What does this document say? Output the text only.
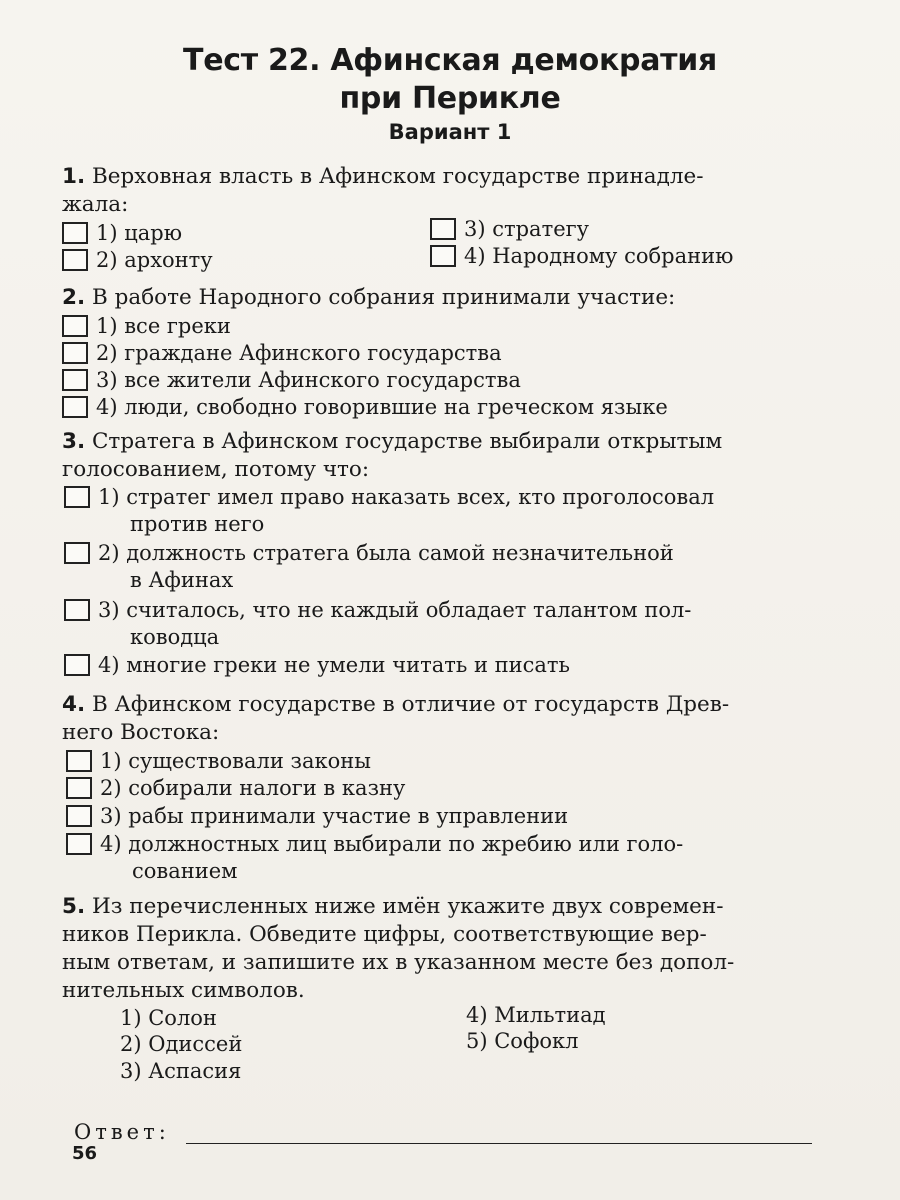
Тест 22. Афинская демократия
при Перикле
Вариант 1
1. Верховная власть в Афинском государстве принадле-
жала:
1) царю
2) архонту
3) стратегу
4) Народному собранию
2. В работе Народного собрания принимали участие:
1) все греки
2) граждане Афинского государства
3) все жители Афинского государства
4) люди, свободно говорившие на греческом языке
3. Стратега в Афинском государстве выбирали открытым
голосованием, потому что:
1) стратег имел право наказать всех, кто проголосовал
против него
2) должность стратега была самой незначительной
в Афинах
3) считалось, что не каждый обладает талантом пол-
ководца
4) многие греки не умели читать и писать
4. В Афинском государстве в отличие от государств Древ-
него Востока:
1) существовали законы
2) собирали налоги в казну
3) рабы принимали участие в управлении
4) должностных лиц выбирали по жребию или голо-
сованием
5. Из перечисленных ниже имён укажите двух современ-
ников Перикла. Обведите цифры, соответствующие вер-
ным ответам, и запишите их в указанном месте без допол-
нительных символов.
1) Солон
2) Одиссей
3) Аспасия
4) Мильтиад
5) Софокл
Ответ:
56
